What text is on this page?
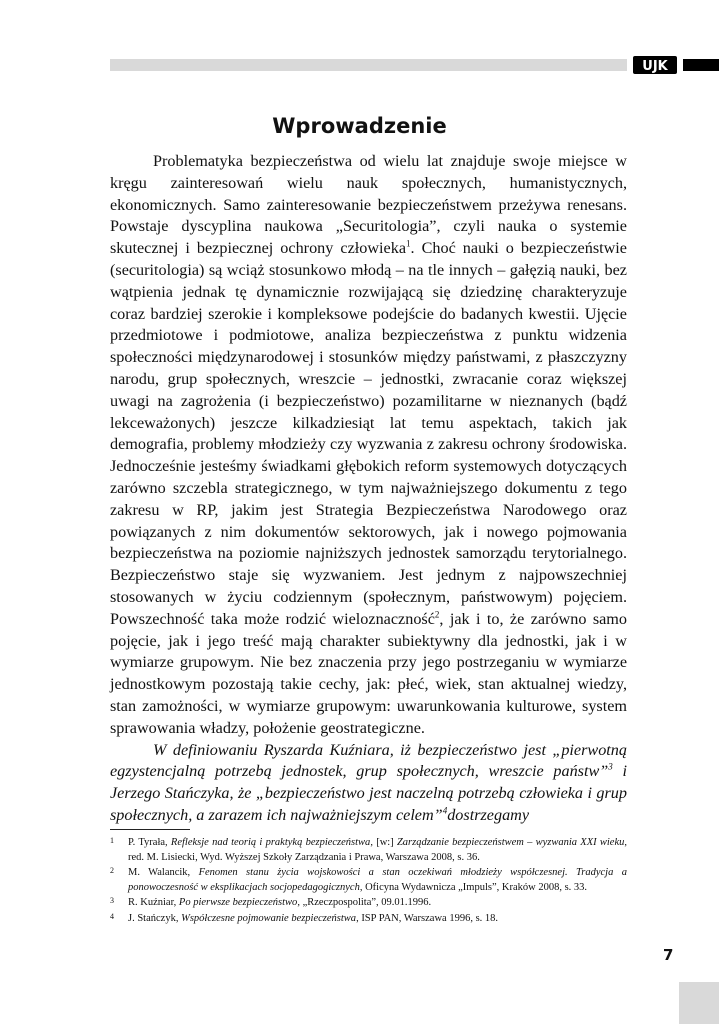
UJK
Wprowadzenie

Problematyka bezpieczeństwa od wielu lat znajduje swoje miejsce w kręgu zainteresowań wielu nauk społecznych, humanistycznych, ekonomicznych. Samo zainteresowanie bezpieczeństwem przeżywa renesans. Powstaje dyscyplina naukowa „Securitologia”, czyli nauka o systemie skutecznej i bezpiecznej ochrony człowieka$^1$. Choć nauki o bezpieczeństwie (securitologia) są wciąż stosunkowo młodą – na tle innych – gałęzią nauki, bez wątpienia jednak tę dynamicznie rozwijającą się dziedzinę charakteryzuje coraz bardziej szerokie i kompleksowe podejście do badanych kwestii. Ujęcie przedmiotowe i podmiotowe, analiza bezpieczeństwa z punktu widzenia społeczności międzynarodowej i stosunków między państwami, z płaszczyzny narodu, grup społecznych, wreszcie – jednostki, zwracanie coraz większej uwagi na zagrożenia (i bezpieczeństwo) pozamilitarne w nieznanych (bądź lekceważonych) jeszcze kilkadziesiąt lat temu aspektach, takich jak demografia, problemy młodzieży czy wyzwania z zakresu ochrony środowiska. Jednocześnie jesteśmy świadkami głębokich reform systemowych dotyczących zarówno szczebla strategicznego, w tym najważniejszego dokumentu z tego zakresu w RP, jakim jest Strategia Bezpieczeństwa Narodowego oraz powiązanych z nim dokumentów sektorowych, jak i nowego pojmowania bezpieczeństwa na poziomie najniższych jednostek samorządu terytorialnego. Bezpieczeństwo staje się wyzwaniem. Jest jednym z najpowszechniej stosowanych w życiu codziennym (społecznym, państwowym) pojęciem. Powszechność taka może rodzić wieloznaczność$^2$, jak i to, że zarówno samo pojęcie, jak i jego treść mają charakter subiektywny dla jednostki, jak i w wymiarze grupowym. Nie bez znaczenia przy jego postrzeganiu w wymiarze jednostkowym pozostają takie cechy, jak: płeć, wiek, stan aktualnej wiedzy, stan zamożności, w wymiarze grupowym: uwarunkowania kulturowe, system sprawowania władzy, położenie geostrategiczne.

W definiowaniu Ryszarda Kuźniara, iż bezpieczeństwo jest „pierwotną egzystencjalną potrzebą jednostek, grup społecznych, wreszcie państw”$^3$ i Jerzego Stańczyka, że „bezpieczeństwo jest naczelną potrzebą człowieka i grup społecznych, a zarazem ich najważniejszym celem”$^4$dostrzegamy

1 P. Tyrała, Refleksje nad teorią i praktyką bezpieczeństwa, [w:] Zarządzanie bezpieczeństwem – wyzwania XXI wieku, red. M. Lisiecki, Wyd. Wyższej Szkoły Zarządzania i Prawa, Warszawa 2008, s. 36.
2 M. Walancik, Fenomen stanu życia wojskowości a stan oczekiwań młodzieży współczesnej. Tradycja a ponowoczesność w eksplikacjach socjopedagogicznych, Oficyna Wydawnicza „Impuls”, Kraków 2008, s. 33.
3 R. Kuźniar, Po pierwsze bezpieczeństwo, „Rzeczpospolita”, 09.01.1996.
4 J. Stańczyk, Współczesne pojmowanie bezpieczeństwa, ISP PAN, Warszawa 1996, s. 18.
7
